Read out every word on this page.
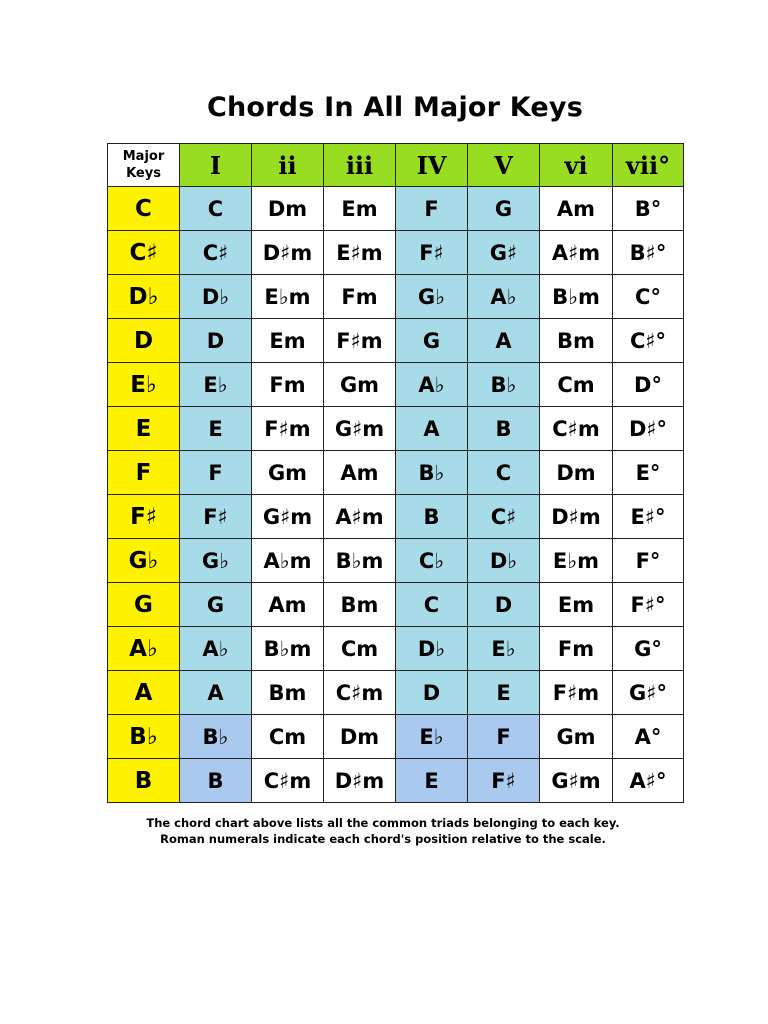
Chords In All Major Keys
Major
Keys	I	ii	iii	IV	V	vi	vii°
C	C	Dm	Em	F	G	Am	B°
C♯	C♯	D♯m	E♯m	F♯	G♯	A♯m	B♯°
D♭	D♭	E♭m	Fm	G♭	A♭	B♭m	C°
D	D	Em	F♯m	G	A	Bm	C♯°
E♭	E♭	Fm	Gm	A♭	B♭	Cm	D°
E	E	F♯m	G♯m	A	B	C♯m	D♯°
F	F	Gm	Am	B♭	C	Dm	E°
F♯	F♯	G♯m	A♯m	B	C♯	D♯m	E♯°
G♭	G♭	A♭m	B♭m	C♭	D♭	E♭m	F°
G	G	Am	Bm	C	D	Em	F♯°
A♭	A♭	B♭m	Cm	D♭	E♭	Fm	G°
A	A	Bm	C♯m	D	E	F♯m	G♯°
B♭	B♭	Cm	Dm	E♭	F	Gm	A°
B	B	C♯m	D♯m	E	F♯	G♯m	A♯°
The chord chart above lists all the common triads belonging to each key.
Roman numerals indicate each chord's position relative to the scale.
